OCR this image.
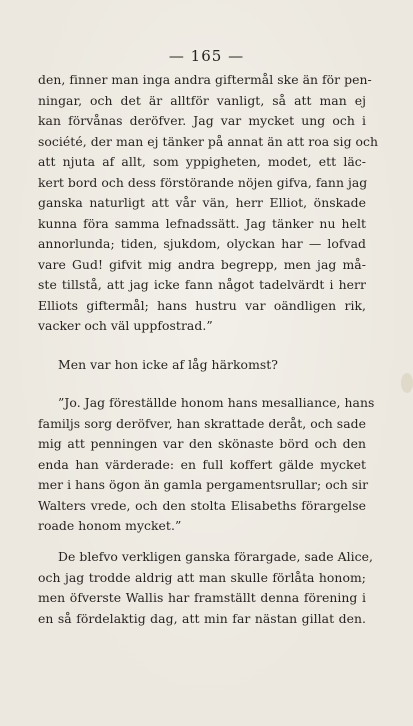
— 165 —
den, finner man inga andra giftermål ske än för pen-
ningar, och det är alltför vanligt, så att man ej
kan förvånas deröfver. Jag var mycket ung och i
société, der man ej tänker på annat än att roa sig och
att njuta af allt, som yppigheten, modet, ett läc-
kert bord och dess förstörande nöjen gifva, fann jag
ganska naturligt att vår vän, herr Elliot, önskade
kunna föra samma lefnadssätt. Jag tänker nu helt
annorlunda; tiden, sjukdom, olyckan har — lofvad
vare Gud! gifvit mig andra begrepp, men jag må-
ste tillstå, att jag icke fann något tadelvärdt i herr
Elliots giftermål; hans hustru var oändligen rik,
vacker och väl uppfostrad.”
Men var hon icke af låg härkomst?
”Jo. Jag föreställde honom hans mesalliance, hans
familjs sorg deröfver, han skrattade deråt, och sade
mig att penningen var den skönaste börd och den
enda han värderade: en full koffert gälde mycket
mer i hans ögon än gamla pergamentsrullar; och sir
Walters vrede, och den stolta Elisabeths förargelse
roade honom mycket.”
De blefvo verkligen ganska förargade, sade Alice,
och jag trodde aldrig att man skulle förlåta honom;
men öfverste Wallis har framställt denna förening i
en så fördelaktig dag, att min far nästan gillat den.
